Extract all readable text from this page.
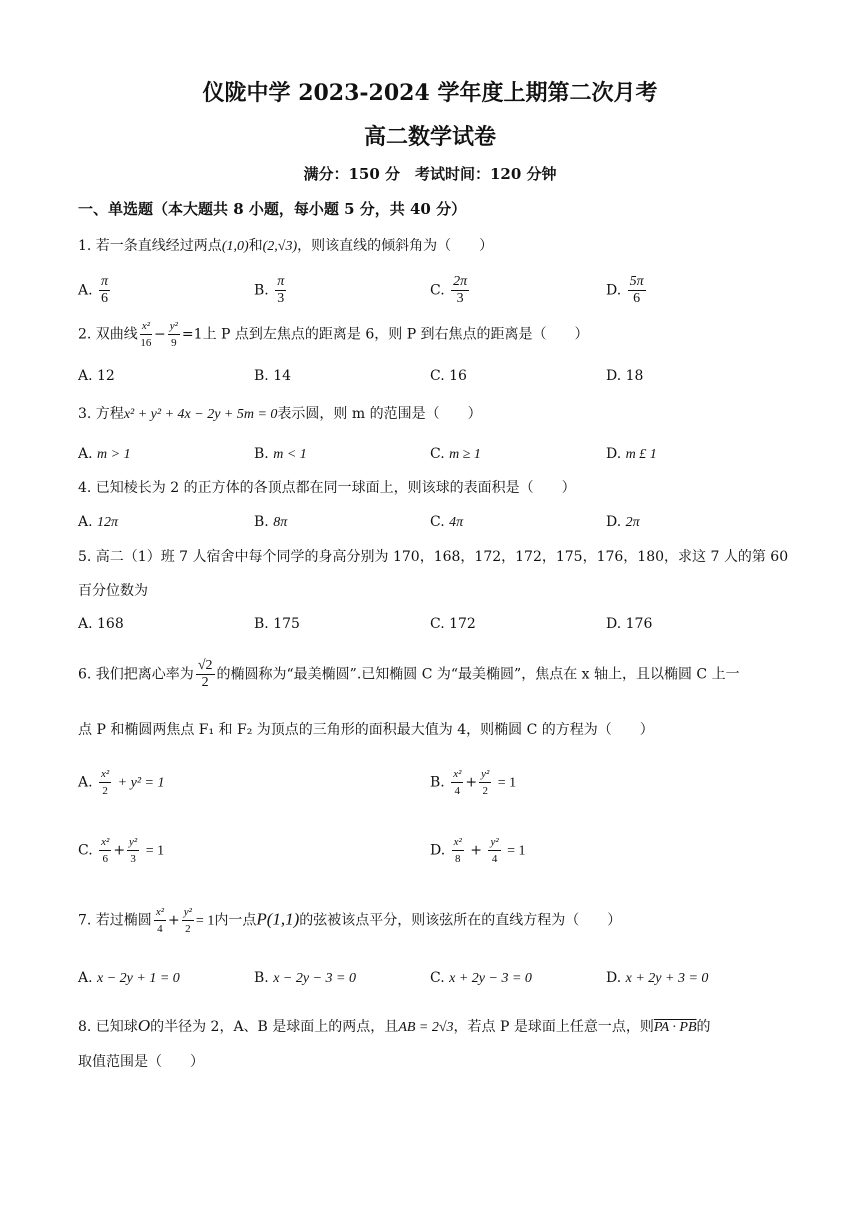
仪陇中学 2023-2024 学年度上期第二次月考
高二数学试卷
满分：150 分　考试时间：120 分钟
一、单选题（本大题共 8 小题，每小题 5 分，共 40 分）
1. 若一条直线经过两点(1,0)和(2,√3)，则该直线的倾斜角为（　　）
A. $\frac{\pi}{6}$	B. $\frac{\pi}{3}$	C. $\frac{2\pi}{3}$	D. $\frac{5\pi}{6}$
2. 双曲线 $\frac{\text{x²}}{16} - \frac{\text{y²}}{9} =1$上 P 点到左焦点的距离是 6，则 P 到右焦点的距离是（　　）
A. 12	B. 14	C. 16	D. 18
3. 方程x² + y² + 4x − 2y + 5m = 0表示圆，则 m 的范围是（　　）
A. m > 1	B. m < 1	C. m ≥ 1	D. m £ 1
4. 已知棱长为 2 的正方体的各顶点都在同一球面上，则该球的表面积是（　　）
A. 12π	B. 8π	C. 4π	D. 2π
5. 高二（1）班 7 人宿舍中每个同学的身高分别为 170，168，172，172，175，176，180，求这 7 人的第 60
百分位数为
A. 168	B. 175	C. 172	D. 176
6. 我们把离心率为 $\frac{√2}{2}$ 的椭圆称为“最美椭圆”.已知椭圆 C 为“最美椭圆”，焦点在 x 轴上，且以椭圆 C 上一
点 P 和椭圆两焦点 F₁ 和 F₂ 为顶点的三角形的面积最大值为 4，则椭圆 C 的方程为（　　）
A. $\frac{\text{x²}}{2} + y^2 = 1$	B. $\frac{\text{x²}}{4} + \frac{\text{y²}}{2} = 1$
C. $\frac{\text{x²}}{6} + \frac{\text{y²}}{3} = 1$	D. $\frac{\text{x²}}{8} + \frac{\text{y²}}{4} = 1$
7. 若过椭圆 $\frac{\text{x²}}{4} + \frac{\text{y²}}{2} = 1$内一点P(1,1)的弦被该点平分，则该弦所在的直线方程为（　　）
A. x − 2y + 1 = 0	B. x − 2y − 3 = 0	C. x + 2y − 3 = 0	D. x + 2y + 3 = 0
8. 已知球O的半径为 2，A、B 是球面上的两点，且AB = 2√3，若点 P 是球面上任意一点，则PA · PB的
取值范围是（　　）
